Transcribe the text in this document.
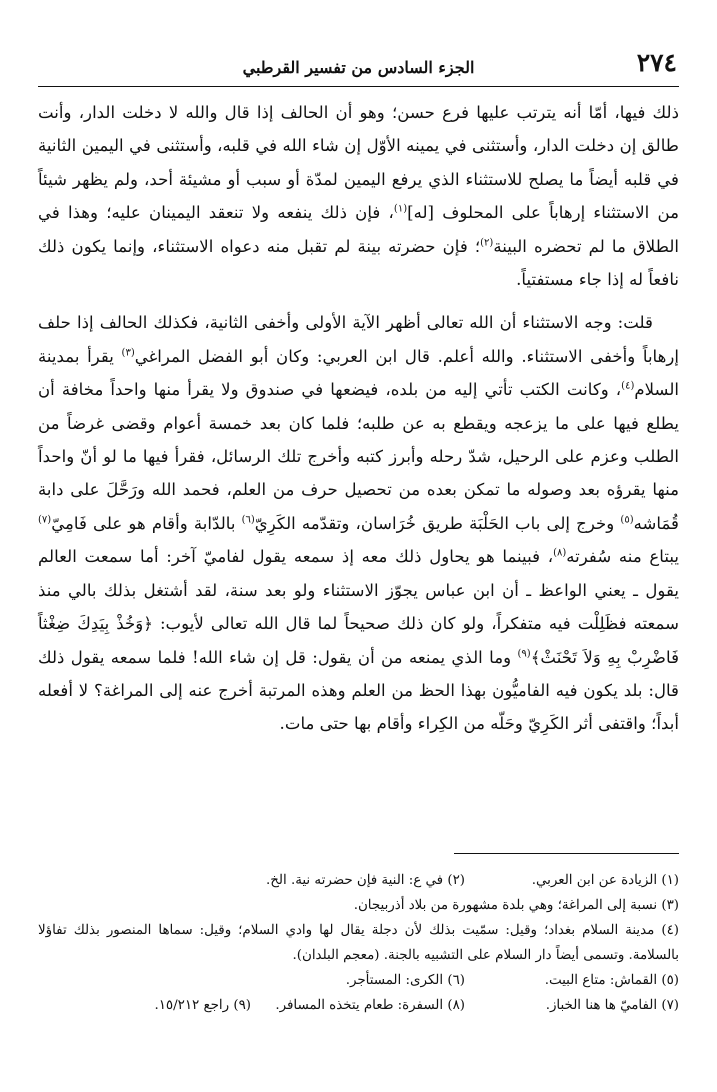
٢٧٤
الجزء السادس من تفسير القرطبي

ذلك فيها، أمّا أنه يترتب عليها فرع حسن؛ وهو أن الحالف إذا قال والله لا دخلت الدار، وأنت طالق إن دخلت الدار، وأستثنى في يمينه الأوّل إن شاء الله في قلبه، وأستثنى في اليمين الثانية في قلبه أيضاً ما يصلح للاستثناء الذي يرفع اليمين لمدّة أو سبب أو مشيئة أحد، ولم يظهر شيئاً من الاستثناء إرهاباً على المحلوف [له]$^{(١)}$، فإن ذلك ينفعه ولا تنعقد اليمينان عليه؛ وهذا في الطلاق ما لم تحضره البينة$^{(٢)}$؛ فإن حضرته بينة لم تقبل منه دعواه الاستثناء، وإنما يكون ذلك نافعاً له إذا جاء مستفتياً.

قلت: وجه الاستثناء أن الله تعالى أظهر الآية الأولى وأخفى الثانية، فكذلك الحالف إذا حلف إرهاباً وأخفى الاستثناء. والله أعلم. قال ابن العربي: وكان أبو الفضل المراغي$^{(٣)}$ يقرأ بمدينة السلام$^{(٤)}$، وكانت الكتب تأتي إليه من بلده، فيضعها في صندوق ولا يقرأ منها واحداً مخافة أن يطلع فيها على ما يزعجه ويقطع به عن طلبه؛ فلما كان بعد خمسة أعوام وقضى غرضاً من الطلب وعزم على الرحيل، شدّ رحله وأبرز كتبه وأخرج تلك الرسائل، فقرأ فيها ما لو أنّ واحداً منها يقرؤه بعد وصوله ما تمكن بعده من تحصيل حرف من العلم، فحمد الله ورَحَّلَ على دابة قُمَاشه$^{(٥)}$ وخرج إلى باب الحَلْبَة طريق خُرَاسان، وتقدّمه الكَرِيّ$^{(٦)}$ بالدّابة وأقام هو على فَامِيّ$^{(٧)}$ يبتاع منه سُفرته$^{(٨)}$، فبينما هو يحاول ذلك معه إذ سمعه يقول لفاميّ آخر: أما سمعت العالم يقول ـ يعني الواعظ ـ أن ابن عباس يجوّز الاستثناء ولو بعد سنة، لقد أشتغل بذلك بالي منذ سمعته فظَلِلْت فيه متفكراً، ولو كان ذلك صحيحاً لما قال الله تعالى لأيوب: ﴿وَخُذْ بِيَدِكَ ضِغْثاً فَاضْرِبْ بِهِ وَلاَ تَحْنَثْ﴾$^{(٩)}$ وما الذي يمنعه من أن يقول: قل إن شاء الله! فلما سمعه يقول ذلك قال: بلد يكون فيه الفاميُّون بهذا الحظ من العلم وهذه المرتبة أخرج عنه إلى المراغة؟ لا أفعله أبداً؛ واقتفى أثر الكَرِيّ وحَلّه من الكِراء وأقام بها حتى مات.

(١) الزيادة عن ابن العربي.
(٢) في ع: النية فإن حضرته نية. الخ.
(٣) نسبة إلى المراغة؛ وهي بلدة مشهورة من بلاد أذربيجان.
(٤) مدينة السلام بغداد؛ وقيل: سمّيت بذلك لأن دجلة يقال لها وادي السلام؛ وقيل: سماها المنصور بذلك تفاؤلا بالسلامة. وتسمى أيضاً دار السلام على التشبيه بالجنة. (معجم البلدان).
(٥) القماش: متاع البيت.
(٦) الكرى: المستأجر.
(٧) الفاميّ ها هنا الخباز.
(٨) السفرة: طعام يتخذه المسافر.
(٩) راجع ١٥/٢١٢.
